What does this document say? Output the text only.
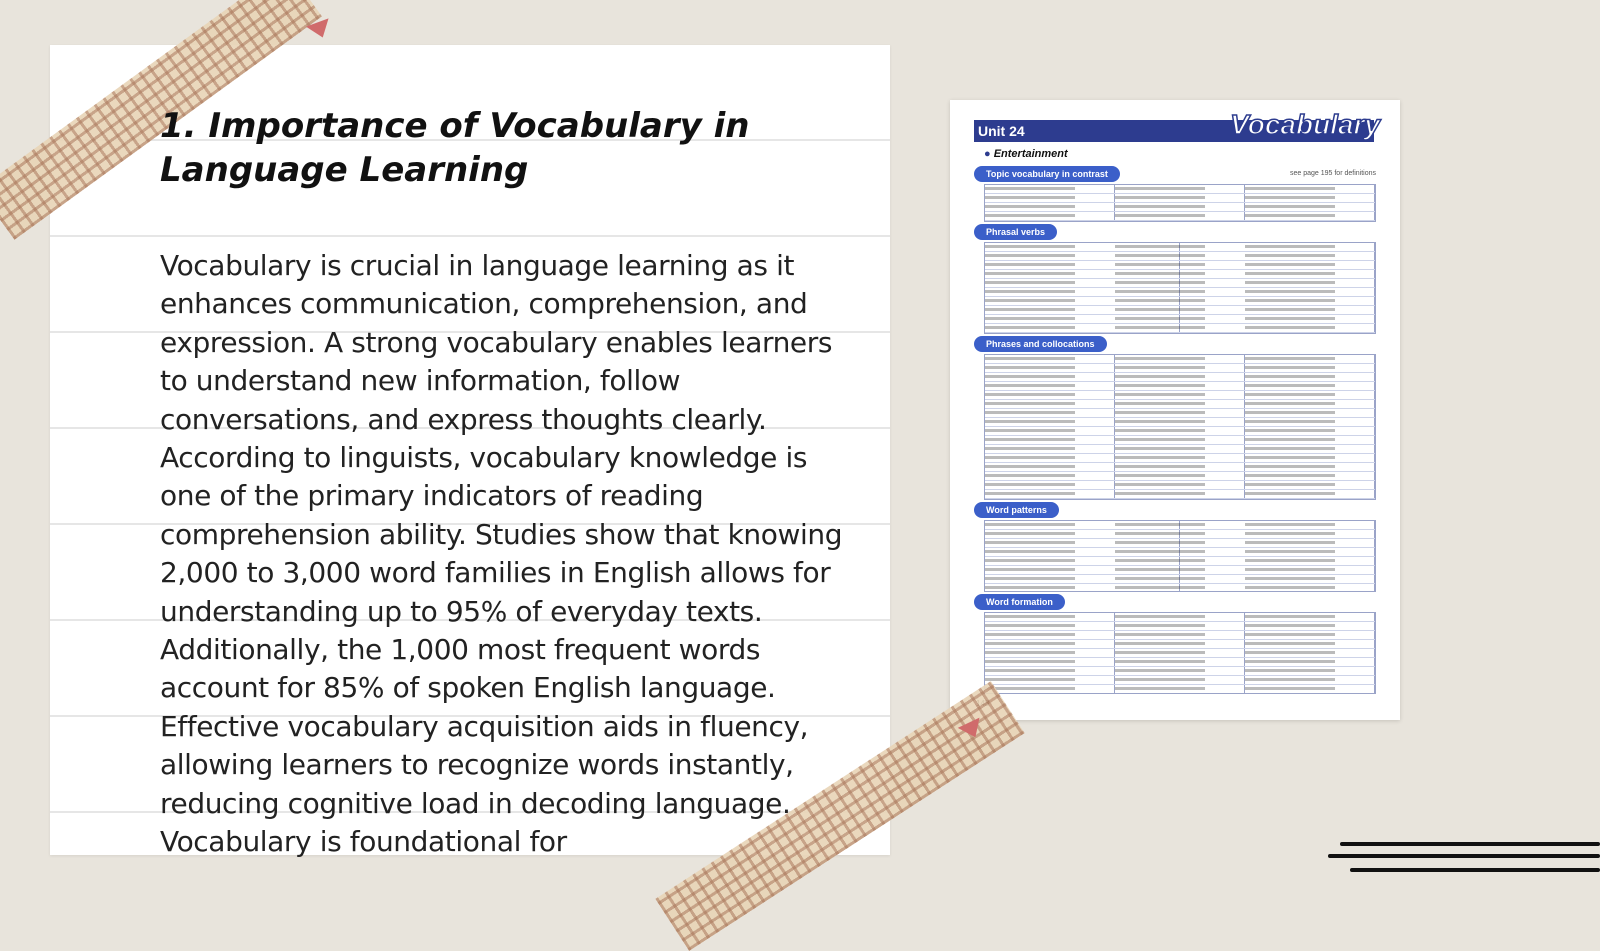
1. Importance of Vocabulary in Language Learning

Vocabulary is crucial in language learning as it enhances communication, comprehension, and expression. A strong vocabulary enables learners to understand new information, follow conversations, and express thoughts clearly. According to linguists, vocabulary knowledge is one of the primary indicators of reading comprehension ability. Studies show that knowing 2,000 to 3,000 word families in English allows for understanding up to 95% of everyday texts. Additionally, the 1,000 most frequent words account for 85% of spoken English language. Effective vocabulary acquisition aids in fluency, allowing learners to recognize words instantly, reducing cognitive load in decoding language. Vocabulary is foundational for

Unit 24	Vocabulary
● Entertainment
Topic vocabulary in contrast	see page 195 for definitions
Phrasal verbs
Phrases and collocations
Word patterns
Word formation
